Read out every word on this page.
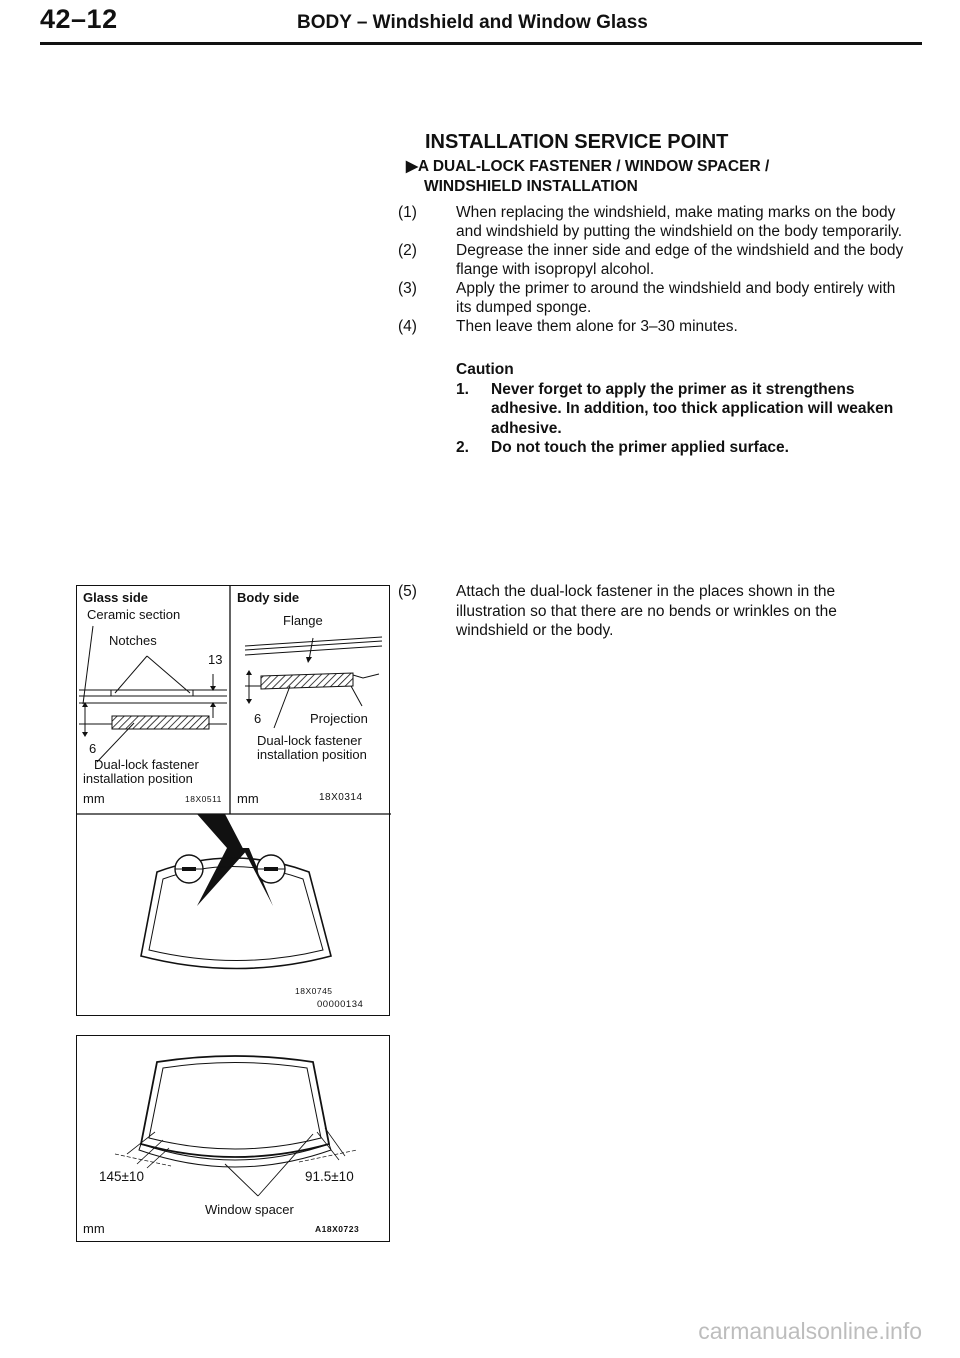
42–12	BODY – Windshield and Window Glass
INSTALLATION SERVICE POINT
▶A DUAL-LOCK FASTENER / WINDOW SPACER /
WINDSHIELD INSTALLATION
(1)	When replacing the windshield, make mating marks on the body and windshield by putting the windshield on the body temporarily.
(2)	Degrease the inner side and edge of the windshield and the body flange with isopropyl alcohol.
(3)	Apply the primer to around the windshield and body entirely with its dumped sponge.
(4)	Then leave them alone for 3–30 minutes.

Caution

1. Never forget to apply the primer as it strengthens adhesive. In addition, too thick application will weaken adhesive.
2. Do not touch the primer applied surface.
(5)	Attach the dual-lock fastener in the places shown in the illustration so that there are no bends or wrinkles on the windshield or the body.
Glass side
Ceramic section
Notches
13
6
Dual-lock fastener
installation position
mm	18X0511
Body side
Flange
6	Projection
Dual-lock fastener
installation position
mm	18X0314
18X0745
00000134
145±10	91.5±10
Window spacer
mm	A18X0723
carmanualsonline.info
